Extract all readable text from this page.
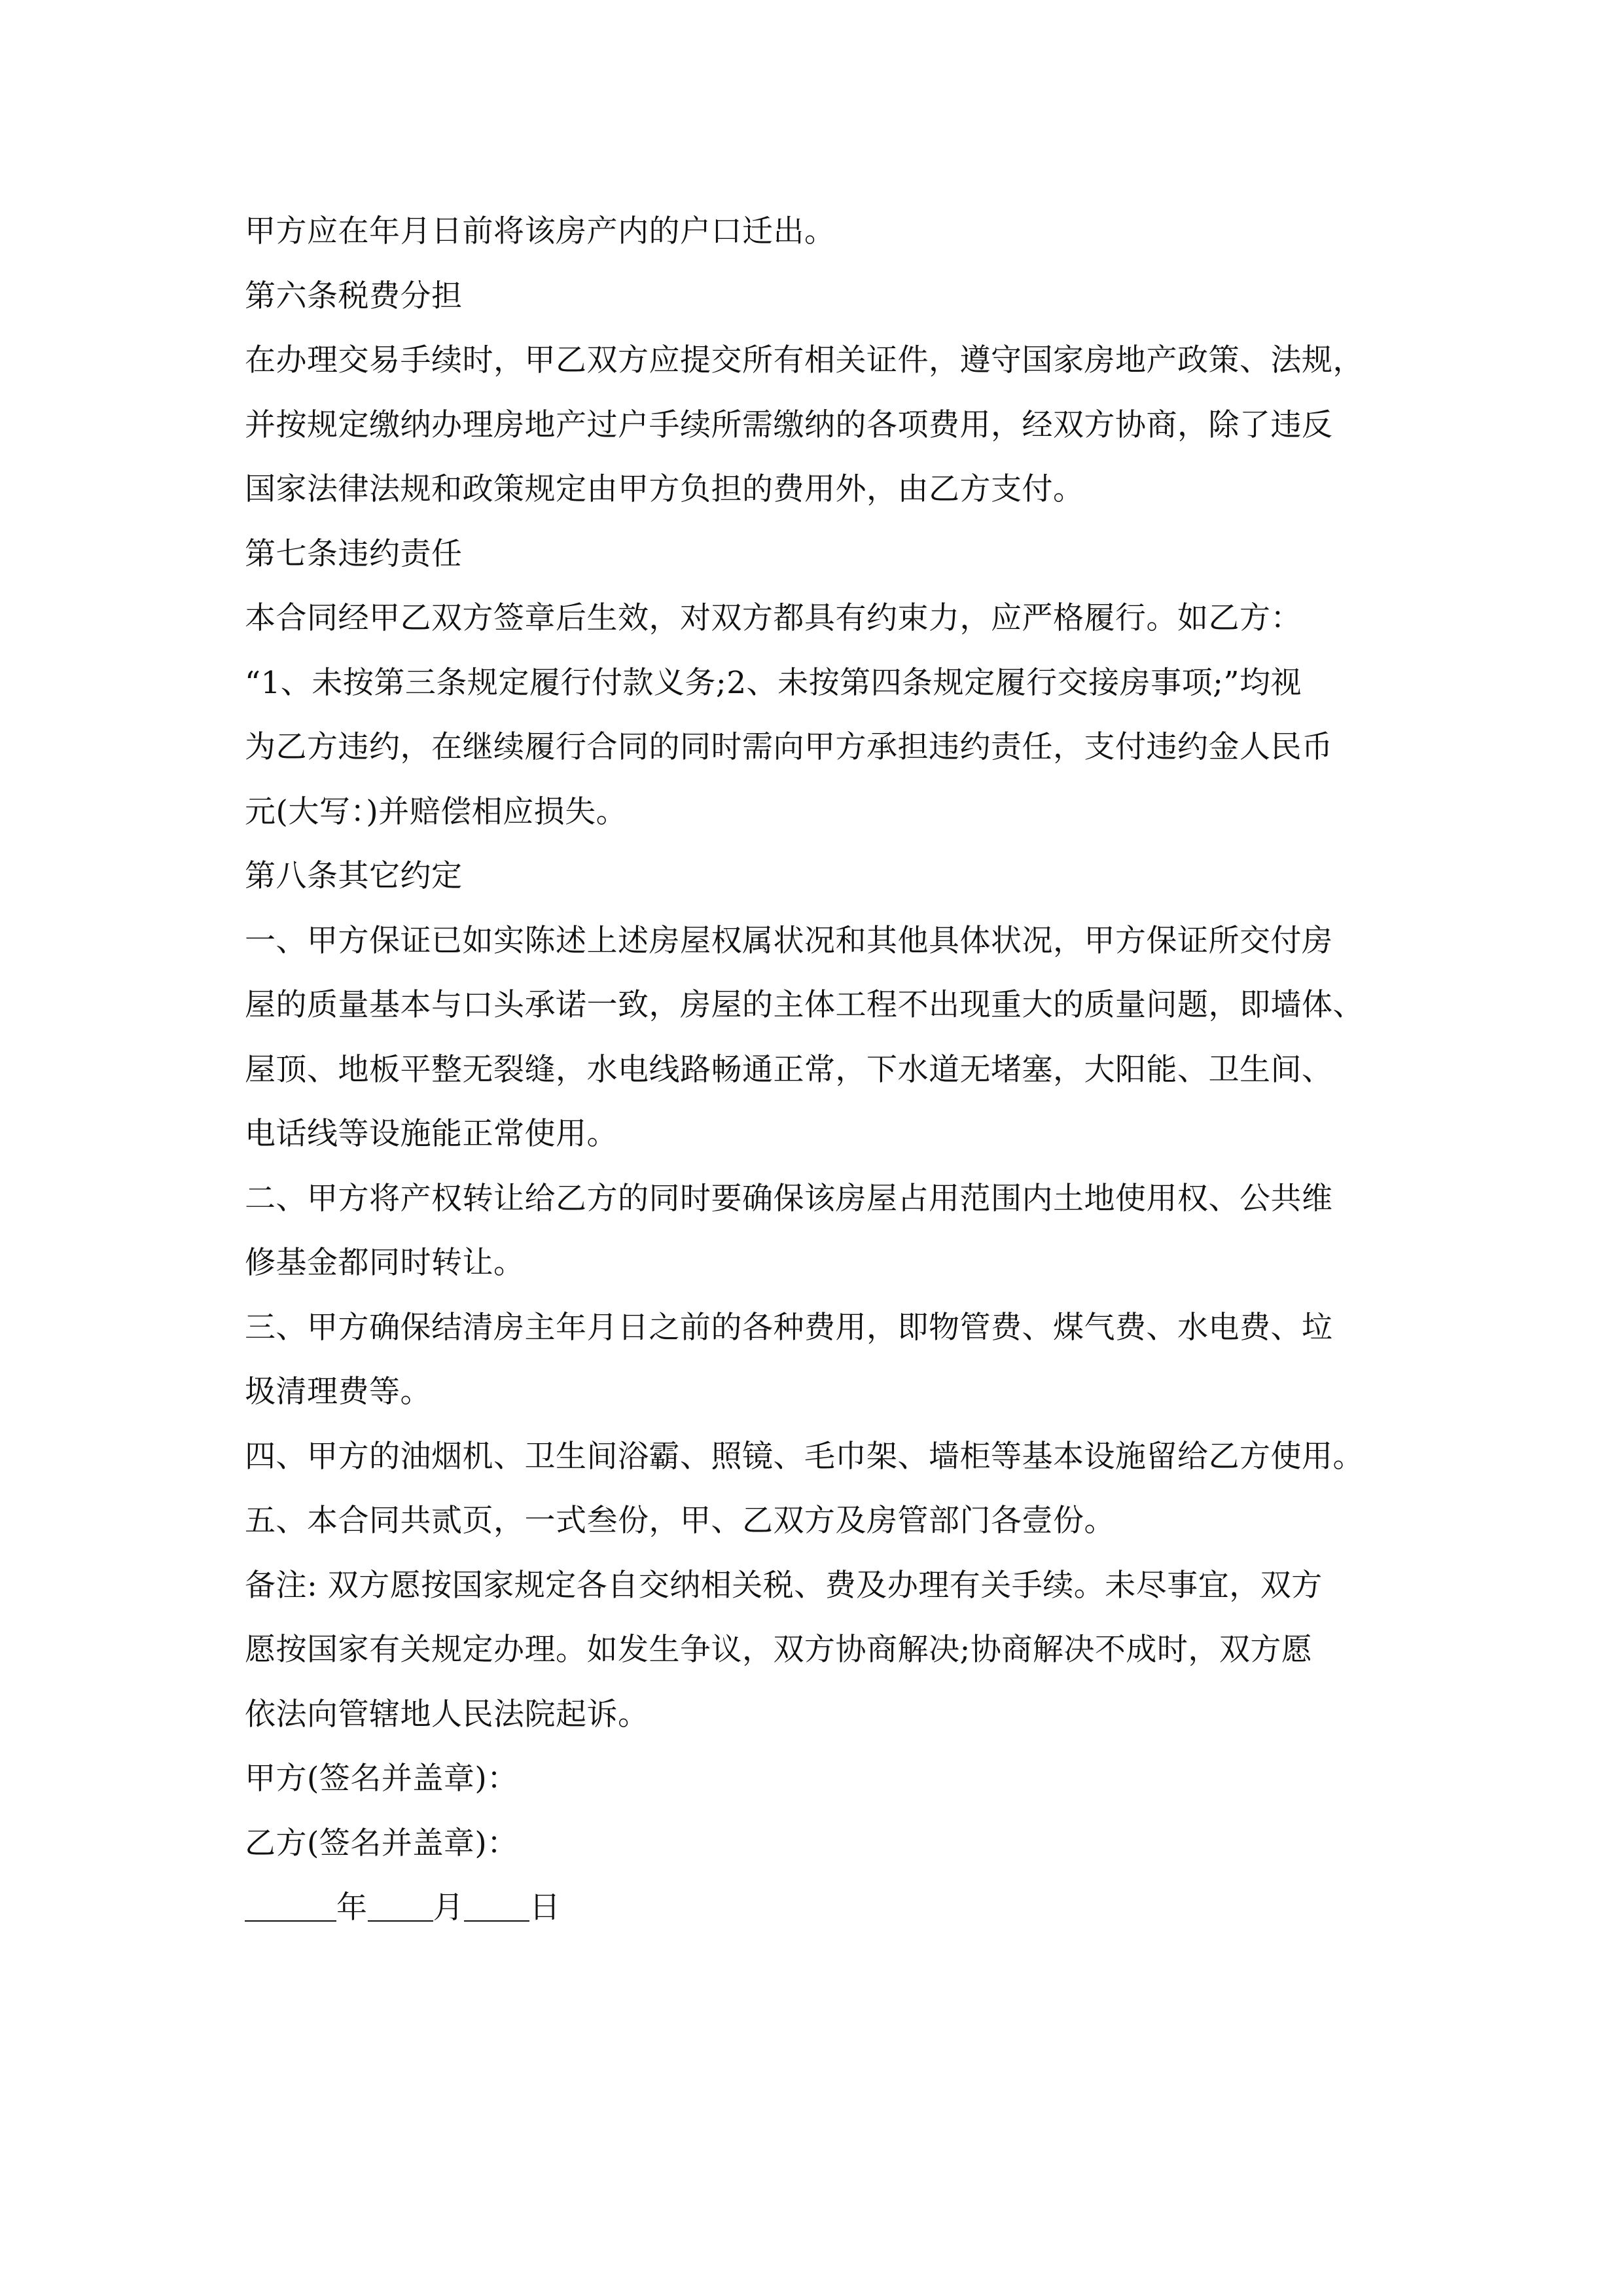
甲方应在年月日前将该房产内的户口迁出。
第六条税费分担
在办理交易手续时，甲乙双方应提交所有相关证件，遵守国家房地产政策、法规，
并按规定缴纳办理房地产过户手续所需缴纳的各项费用，经双方协商，除了违反
国家法律法规和政策规定由甲方负担的费用外，由乙方支付。
第七条违约责任
本合同经甲乙双方签章后生效，对双方都具有约束力，应严格履行。如乙方：
“1、未按第三条规定履行付款义务;2、未按第四条规定履行交接房事项;”均视
为乙方违约，在继续履行合同的同时需向甲方承担违约责任，支付违约金人民币
元(大写：)并赔偿相应损失。
第八条其它约定
一、甲方保证已如实陈述上述房屋权属状况和其他具体状况，甲方保证所交付房
屋的质量基本与口头承诺一致，房屋的主体工程不出现重大的质量问题，即墙体、
屋顶、地板平整无裂缝，水电线路畅通正常，下水道无堵塞，大阳能、卫生间、
电话线等设施能正常使用。
二、甲方将产权转让给乙方的同时要确保该房屋占用范围内土地使用权、公共维
修基金都同时转让。
三、甲方确保结清房主年月日之前的各种费用，即物管费、煤气费、水电费、垃
圾清理费等。
四、甲方的油烟机、卫生间浴霸、照镜、毛巾架、墙柜等基本设施留给乙方使用。
五、本合同共贰页，一式叁份，甲、乙双方及房管部门各壹份。
备注: 双方愿按国家规定各自交纳相关税、费及办理有关手续。未尽事宜，双方
愿按国家有关规定办理。如发生争议，双方协商解决;协商解决不成时，双方愿
依法向管辖地人民法院起诉。
甲方(签名并盖章)：
乙方(签名并盖章)：
年 月 日
